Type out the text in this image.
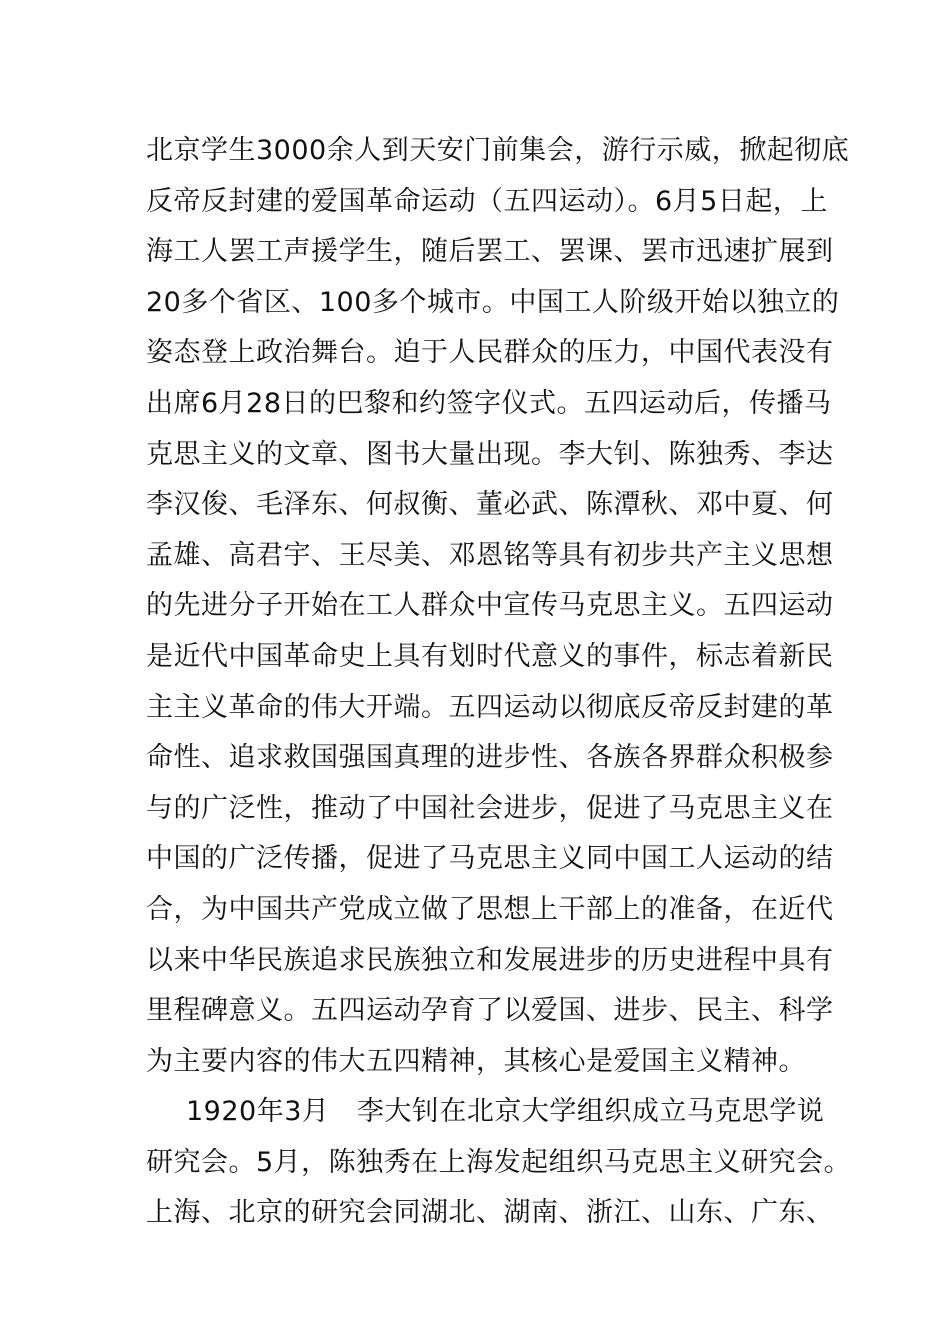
北京学生3000余人到天安门前集会，游行示威，掀起彻底
反帝反封建的爱国革命运动（五四运动）。6月5日起，上
海工人罢工声援学生，随后罢工、罢课、罢市迅速扩展到
20多个省区、100多个城市。中国工人阶级开始以独立的
姿态登上政治舞台。迫于人民群众的压力，中国代表没有
出席6月28日的巴黎和约签字仪式。五四运动后，传播马
克思主义的文章、图书大量出现。李大钊、陈独秀、李达
李汉俊、毛泽东、何叔衡、董必武、陈潭秋、邓中夏、何
孟雄、高君宇、王尽美、邓恩铭等具有初步共产主义思想
的先进分子开始在工人群众中宣传马克思主义。五四运动
是近代中国革命史上具有划时代意义的事件，标志着新民
主主义革命的伟大开端。五四运动以彻底反帝反封建的革
命性、追求救国强国真理的进步性、各族各界群众积极参
与的广泛性，推动了中国社会进步，促进了马克思主义在
中国的广泛传播，促进了马克思主义同中国工人运动的结
合，为中国共产党成立做了思想上干部上的准备，在近代
以来中华民族追求民族独立和发展进步的历史进程中具有
里程碑意义。五四运动孕育了以爱国、进步、民主、科学
为主要内容的伟大五四精神，其核心是爱国主义精神。
1920年3月　李大钊在北京大学组织成立马克思学说
研究会。5月，陈独秀在上海发起组织马克思主义研究会。
上海、北京的研究会同湖北、湖南、浙江、山东、广东、
